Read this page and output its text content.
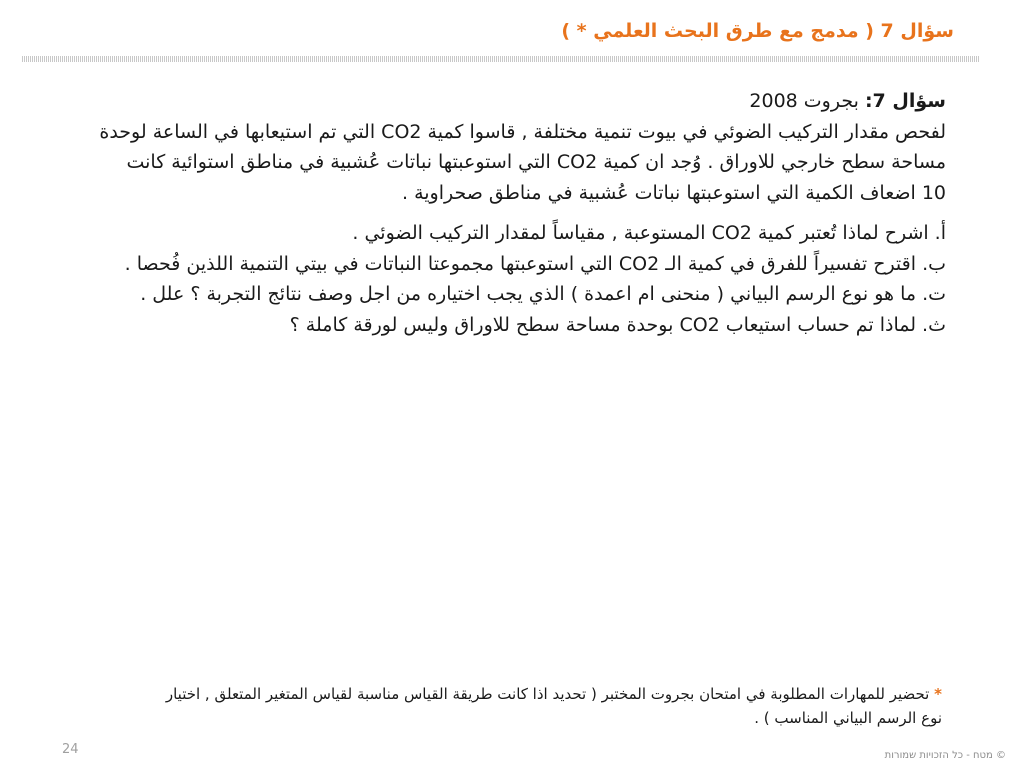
سؤال 7 ( مدمج مع طرق البحث العلمي * )

سؤال 7: بجروت 2008

لفحص مقدار التركيب الضوئي في بيوت تنمية مختلفة , قاسوا كمية CO2 التي تم استيعابها في الساعة لوحدة

مساحة سطح خارجي للاوراق . وُجد ان كمية CO2 التي استوعبتها نباتات عُشبية في مناطق استوائية كانت

10 اضعاف الكمية التي استوعبتها نباتات عُشبية في مناطق صحراوية .

أ. اشرح لماذا تُعتبر كمية CO2 المستوعبة , مقياساً لمقدار التركيب الضوئي .

ب. اقترح تفسيراً للفرق في كمية الـ CO2 التي استوعبتها مجموعتا النباتات في بيتي التنمية اللذين فُحصا .

ت. ما هو نوع الرسم البياني ( منحنى ام اعمدة ) الذي يجب اختياره من اجل وصف نتائج التجربة ؟ علل .

ث. لماذا تم حساب استيعاب CO2 بوحدة مساحة سطح للاوراق وليس لورقة كاملة ؟

* تحضير للمهارات المطلوبة في امتحان بجروت المختبر ( تحديد اذا كانت طريقة القياس مناسبة لقياس المتغير المتعلق , اختيار نوع الرسم البياني المناسب ) .
24	© מטח - כל הזכויות שמורות
